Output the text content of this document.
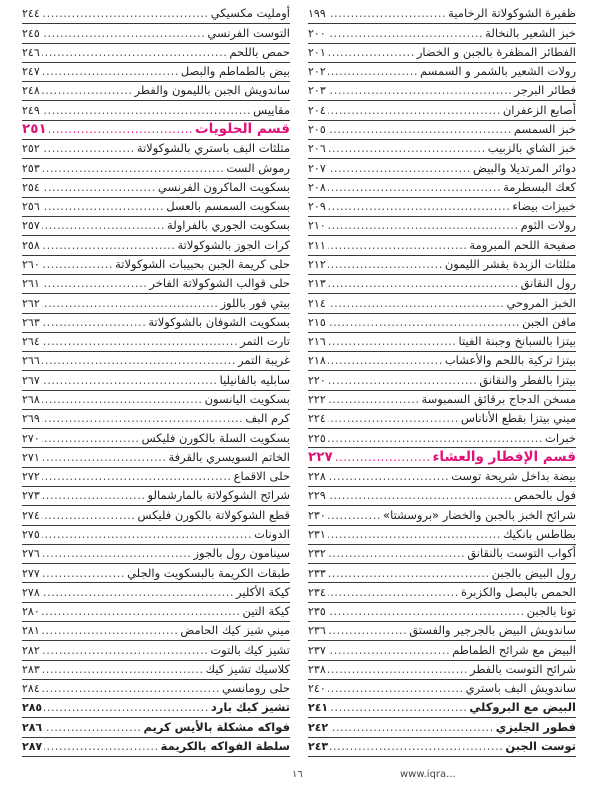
ظفيرة الشوكولاتة الرخامية
.....
١٩٩
خبز الشعير بالنخالة
.....
٢٠٠
الفطائر المظفرة بالجبن و الخضار
.....
٢٠١
رولات الشعير بالشمر و السمسم
.....
٢٠٢
فطائر البرجر
.....
٢٠٣
أصابع الزعفران
.....
٢٠٤
خبز السمسم
.....
٢٠٥
خبز الشاي بالزبيب
.....
٢٠٦
دوائر المرتديلا والبيض
.....
٢٠٧
كعك البسطرمة
.....
٢٠٨
خبيزات بيضاء
.....
٢٠٩
رولات الثوم
.....
٢١٠
صفيحة اللحم المبرومة
.....
٢١١
مثلثات الزبدة بقشر الليمون
.....
٢١٢
رول النقانق
.....
٢١٣
الخبز المروحي
.....
٢١٤
مافن الجبن
.....
٢١٥
بيتزا بالسبانخ وجبنة الفيتا
.....
٢١٦
بيتزا تركية باللحم والأعشاب
.....
٢١٨
بيتزا بالفطر والنقانق
.....
٢٢٠
مسخن الدجاج برقائق السمبوسة
.....
٢٢٢
ميني بيتزا بقطع الأناناس
.....
٢٢٤
خبرات
.....
٢٢٥
قسم الإفطار والعشاء
.....
٢٢٧
بيضة بداخل شريحة توست
.....
٢٢٨
فول بالحمص
.....
٢٢٩
شرائح الخبز بالجبن والخضار «بروسشتا»
.....
٢٣٠
بطاطس بانكيك
.....
٢٣١
أكواب التوست بالنقانق
.....
٢٣٢
رول البيض بالجبن
.....
٢٣٣
الحمص بالبصل والكزبرة
.....
٢٣٤
تونا بالجبن
.....
٢٣٥
ساندويش البيض بالجرجير والفستق
.....
٢٣٦
البيض مع شرائح الطماطم
.....
٢٣٧
شرائح التوست بالفطر
.....
٢٣٨
ساندويش البف باستري
.....
٢٤٠
البيض مع البروكلي
.....
٢٤١
فطور الجليزي
.....
٢٤٢
توست الجبن
.....
٢٤٣
أومليت مكسيكي
.....
٢٤٤
التوست الفرنسي
.....
٢٤٥
حمص باللحم
.....
٢٤٦
بيض بالطماطم والبصل
.....
٢٤٧
ساندويش الجبن بالليمون والفطر
.....
٢٤٨
مقاييس
.....
٢٤٩
قسم الحلويات
.....
٢٥١
مثلثات البف باستري بالشوكولاتة
.....
٢٥٢
رموش الست
.....
٢٥٣
بسكويت الماكرون الفرنسي
.....
٢٥٤
بسكويت السمسم بالعسل
.....
٢٥٦
بسكويت الجوري بالفراولة
.....
٢٥٧
كرات الجوز بالشوكولاتة
.....
٢٥٨
حلى كريمة الجبن بحبيبات الشوكولاتة
.....
٢٦٠
حلى قوالب الشوكولاتة الفاخر
.....
٢٦١
بيتي فور باللوز
.....
٢٦٢
بسكويت الشوفان بالشوكولاتة
.....
٢٦٣
تارت التمر
.....
٢٦٤
غريبة التمر
.....
٢٦٦
سابليه بالفانيليا
.....
٢٦٧
بسكويت اليانسون
.....
٢٦٨
كرم البف
.....
٢٦٩
بسكويت السلة بالكورن فليكس
.....
٢٧٠
الخاتم السويسري بالقرفة
.....
٢٧١
حلى الاقماع
.....
٢٧٢
شرائح الشوكولاتة بالمارشمالو
.....
٢٧٣
قطع الشوكولاتة بالكورن فليكس
.....
٢٧٤
الدونات
.....
٢٧٥
سينامون رول بالجوز
.....
٢٧٦
طبقات الكريمة بالبسكويت والجلي
.....
٢٧٧
كيكة الأكلير
.....
٢٧٨
كيكة التين
.....
٢٨٠
ميني شيز كيك الحامض
.....
٢٨١
تشيز كيك بالتوت
.....
٢٨٢
كلاسيك تشيز كيك
.....
٢٨٣
حلى رومانسي
.....
٢٨٤
تشيز كيك بارد
.....
٢٨٥
فواكه مشكلة بالأيس كريم
.....
٢٨٦
سلطة الفواكه بالكريمة
.....
٢٨٧
١٦	www.iqra...
